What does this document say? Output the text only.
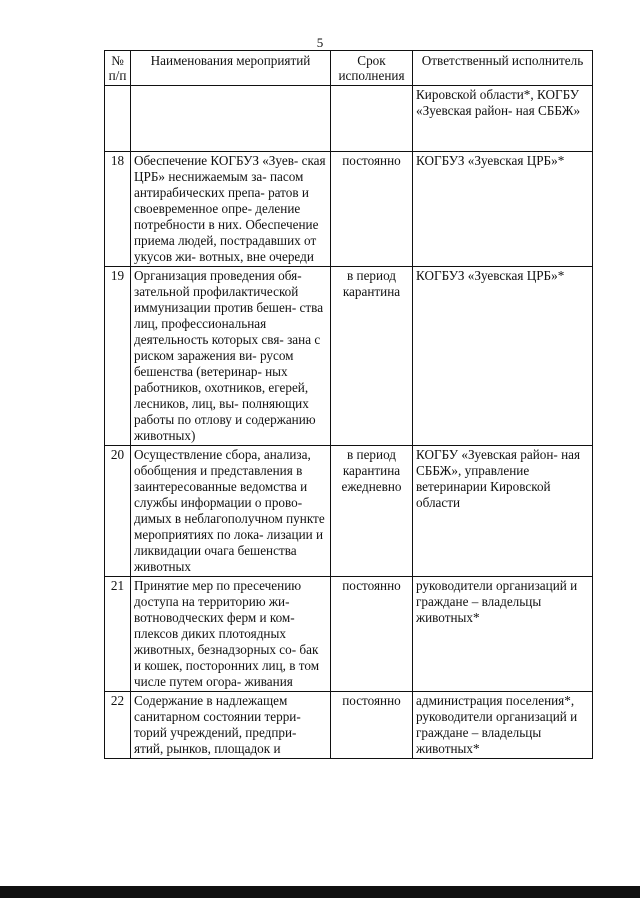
5
№ п/п	Наименования мероприятий	Срок исполнения	Ответственный исполнитель
			Кировской области*, КОГБУ «Зуевская район- ная СББЖ»
18	Обеспечение КОГБУЗ «Зуев- ская ЦРБ» неснижаемым за- пасом антирабических препа- ратов и своевременное опре- деление потребности в них. Обеспечение приема людей, пострадавших от укусов жи- вотных, вне очереди	постоянно	КОГБУЗ «Зуевская ЦРБ»*
19	Организация проведения обя- зательной профилактической иммунизации против бешен- ства лиц, профессиональная деятельность которых свя- зана с риском заражения ви- русом бешенства (ветеринар- ных работников, охотников, егерей, лесников, лиц, вы- полняющих работы по отлову и содержанию животных)	в период карантина	КОГБУЗ «Зуевская ЦРБ»*
20	Осуществление сбора, анализа, обобщения и представления в заинтересованные ведомства и службы информации о прово- димых в неблагополучном пункте мероприятиях по лока- лизации и ликвидации очага бешенства животных	в период карантина ежедневно	КОГБУ «Зуевская район- ная СББЖ», управление ветеринарии Кировской области
21	Принятие мер по пресечению доступа на территорию жи- вотноводческих ферм и ком- плексов диких плотоядных животных, безнадзорных со- бак и кошек, посторонних лиц, в том числе путем огора- живания	постоянно	руководители организаций и граждане – владельцы животных*
22	Содержание в надлежащем санитарном состоянии терри- торий учреждений, предпри- ятий, рынков, площадок и	постоянно	администрация поселения*, руководители организаций и граждане – владельцы животных*
